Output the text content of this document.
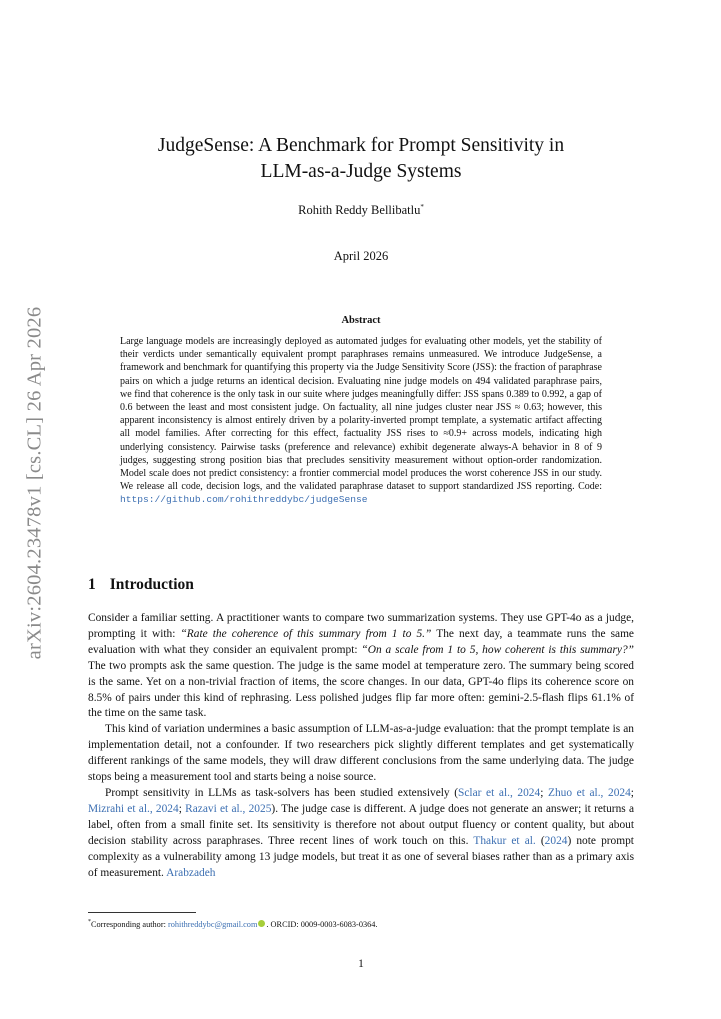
arXiv:2604.23478v1 [cs.CL] 26 Apr 2026
JudgeSense: A Benchmark for Prompt Sensitivity in
LLM-as-a-Judge Systems
Rohith Reddy Bellibatlu*
April 2026
Abstract
Large language models are increasingly deployed as automated judges for evaluating other models, yet the stability of their verdicts under semantically equivalent prompt paraphrases remains unmeasured. We introduce JudgeSense, a framework and benchmark for quantifying this property via the Judge Sensitivity Score (JSS): the fraction of paraphrase pairs on which a judge returns an identical decision. Evaluating nine judge models on 494 validated paraphrase pairs, we find that coherence is the only task in our suite where judges meaningfully differ: JSS spans 0.389 to 0.992, a gap of 0.6 between the least and most consistent judge. On factuality, all nine judges cluster near JSS ≈ 0.63; however, this apparent inconsistency is almost entirely driven by a polarity-inverted prompt template, a systematic artifact affecting all model families. After correcting for this effect, factuality JSS rises to ≈0.9+ across models, indicating high underlying consistency. Pairwise tasks (preference and relevance) exhibit degenerate always-A behavior in 8 of 9 judges, suggesting strong position bias that precludes sensitivity measurement without option-order randomization. Model scale does not predict consistency: a frontier commercial model produces the worst coherence JSS in our study. We release all code, decision logs, and the validated paraphrase dataset to support standardized JSS reporting. Code: https://github.com/rohithreddybc/judgeSense
1 Introduction

Consider a familiar setting. A practitioner wants to compare two summarization systems. They use GPT-4o as a judge, prompting it with: “Rate the coherence of this summary from 1 to 5.” The next day, a teammate runs the same evaluation with what they consider an equivalent prompt: “On a scale from 1 to 5, how coherent is this summary?” The two prompts ask the same question. The judge is the same model at temperature zero. The summary being scored is the same. Yet on a non-trivial fraction of items, the score changes. In our data, GPT-4o flips its coherence score on 8.5% of pairs under this kind of rephrasing. Less polished judges flip far more often: gemini-2.5-flash flips 61.1% of the time on the same task.

This kind of variation undermines a basic assumption of LLM-as-a-judge evaluation: that the prompt template is an implementation detail, not a confounder. If two researchers pick slightly different templates and get systematically different rankings of the same models, they will draw different conclusions from the same underlying data. The judge stops being a measurement tool and starts being a noise source.

Prompt sensitivity in LLMs as task-solvers has been studied extensively (Sclar et al., 2024; Zhuo et al., 2024; Mizrahi et al., 2024; Razavi et al., 2025). The judge case is different. A judge does not generate an answer; it returns a label, often from a small finite set. Its sensitivity is therefore not about output fluency or content quality, but about decision stability across paraphrases. Three recent lines of work touch on this. Thakur et al. (2024) note prompt complexity as a vulnerability among 13 judge models, but treat it as one of several biases rather than as a primary axis of measurement. Arabzadeh

*Corresponding author: rohithreddybc@gmail.com . ORCID: 0009-0003-6083-0364.
1
